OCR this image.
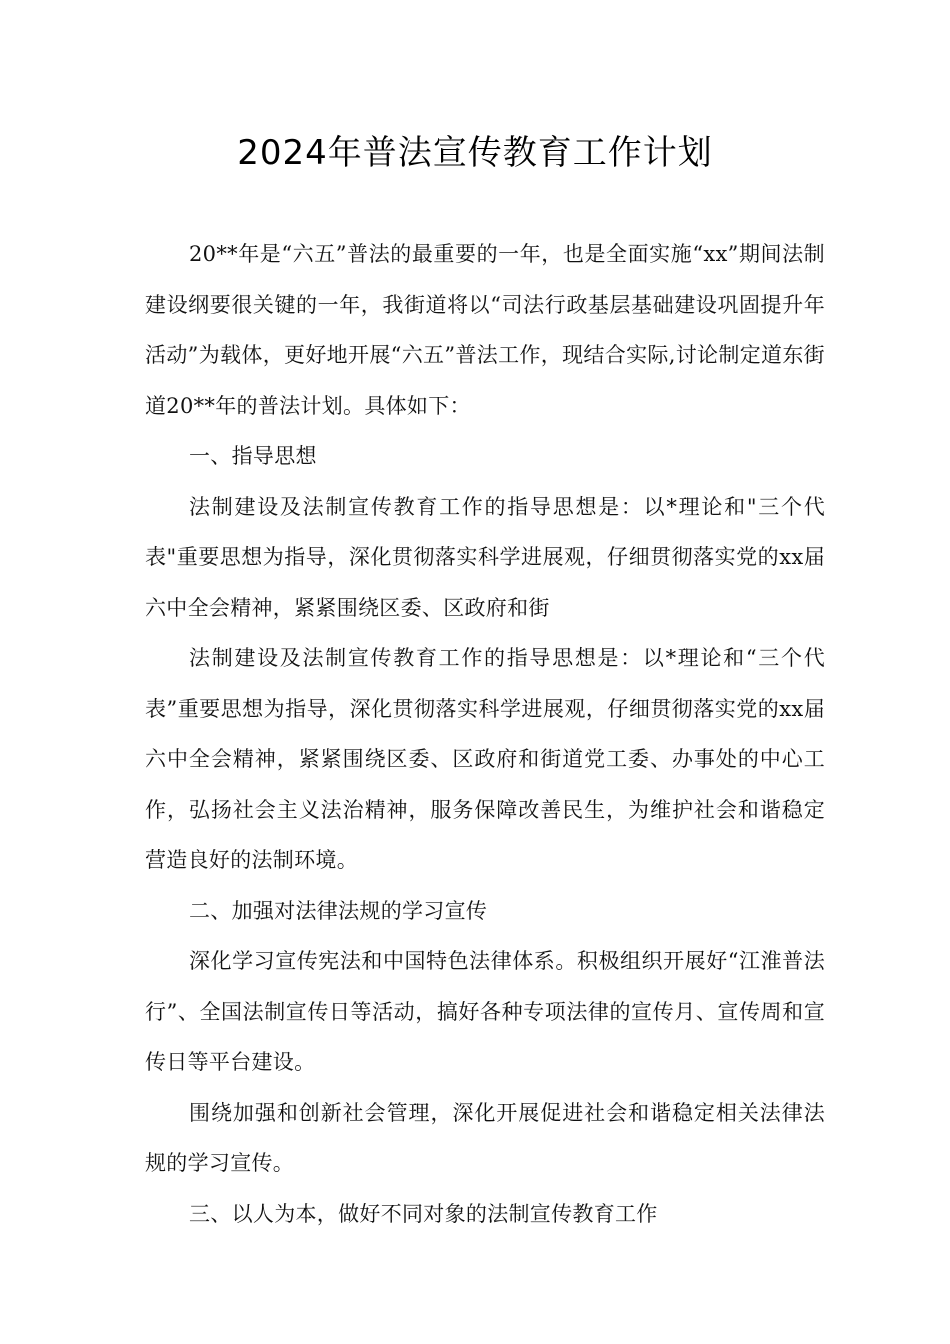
2024年普法宣传教育工作计划

20**年是“六五”普法的最重要的一年，也是全面实施“xx”期间法制建设纲要很关键的一年，我街道将以“司法行政基层基础建设巩固提升年活动”为载体，更好地开展“六五”普法工作，现结合实际,讨论制定道东街道20**年的普法计划。具体如下：

一、指导思想

法制建设及法制宣传教育工作的指导思想是：以*理论和"三个代表"重要思想为指导，深化贯彻落实科学进展观，仔细贯彻落实党的xx届六中全会精神，紧紧围绕区委、区政府和街

法制建设及法制宣传教育工作的指导思想是：以*理论和“三个代表”重要思想为指导，深化贯彻落实科学进展观，仔细贯彻落实党的xx届六中全会精神，紧紧围绕区委、区政府和街道党工委、办事处的中心工作，弘扬社会主义法治精神，服务保障改善民生，为维护社会和谐稳定营造良好的法制环境。

二、加强对法律法规的学习宣传

深化学习宣传宪法和中国特色法律体系。积极组织开展好“江淮普法行”、全国法制宣传日等活动，搞好各种专项法律的宣传月、宣传周和宣传日等平台建设。

围绕加强和创新社会管理，深化开展促进社会和谐稳定相关法律法规的学习宣传。

三、以人为本，做好不同对象的法制宣传教育工作
